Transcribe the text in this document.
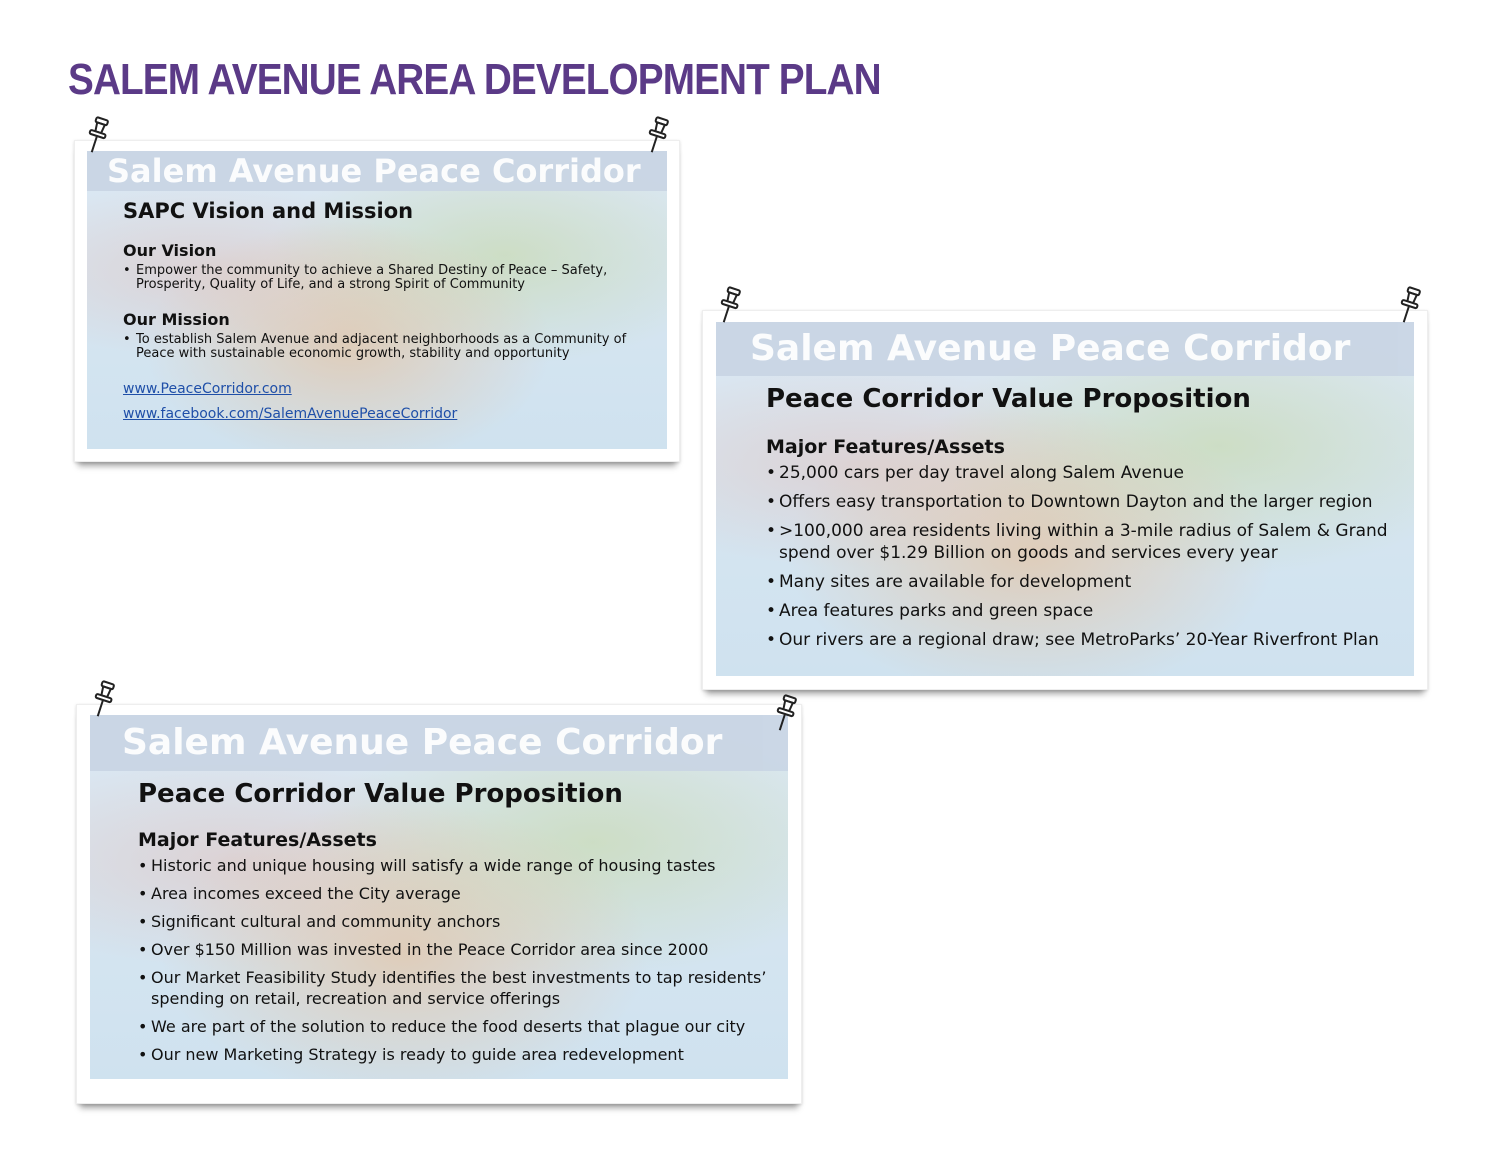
SALEM AVENUE AREA DEVELOPMENT PLAN
Salem Avenue Peace Corridor
SAPC Vision and Mission
Our Vision
• Empower the community to achieve a Shared Destiny of Peace – Safety, Prosperity, Quality of Life, and a strong Spirit of Community
Our Mission
• To establish Salem Avenue and adjacent neighborhoods as a Community of Peace with sustainable economic growth, stability and opportunity
www.PeaceCorridor.com
www.facebook.com/SalemAvenuePeaceCorridor
Salem Avenue Peace Corridor
Peace Corridor Value Proposition
Major Features/Assets
• 25,000 cars per day travel along Salem Avenue
• Offers easy transportation to Downtown Dayton and the larger region
• >100,000 area residents living within a 3-mile radius of Salem & Grand spend over $1.29 Billion on goods and services every year
• Many sites are available for development
• Area features parks and green space
• Our rivers are a regional draw; see MetroParks’ 20-Year Riverfront Plan
Salem Avenue Peace Corridor
Peace Corridor Value Proposition
Major Features/Assets
• Historic and unique housing will satisfy a wide range of housing tastes
• Area incomes exceed the City average
• Significant cultural and community anchors
• Over $150 Million was invested in the Peace Corridor area since 2000
• Our Market Feasibility Study identifies the best investments to tap residents’ spending on retail, recreation and service offerings
• We are part of the solution to reduce the food deserts that plague our city
• Our new Marketing Strategy is ready to guide area redevelopment
